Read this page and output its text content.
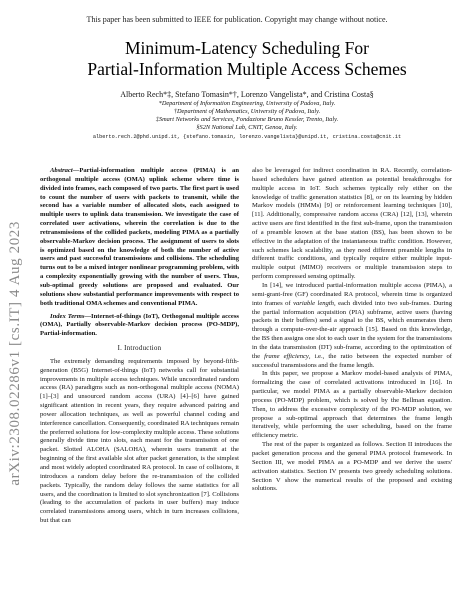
This paper has been submitted to IEEE for publication. Copyright may change without notice.
arXiv:2308.02286v1 [cs.IT] 4 Aug 2023
Minimum-Latency Scheduling For
Partial-Information Multiple Access Schemes
Alberto Rech*‡, Stefano Tomasin*†, Lorenzo Vangelista*, and Cristina Costa§
*Department of Information Engineering, University of Padova, Italy.
†Department of Mathematics, University of Padova, Italy.
‡Smart Networks and Services, Fondazione Bruno Kessler, Trento, Italy.
§S2N National Lab, CNIT, Genoa, Italy.
alberto.rech.2@phd.unipd.it, {stefano.tomasin, lorenzo.vangelista}@unipd.it, cristina.costa@cnit.it

Abstract—Partial-information multiple access (PIMA) is an orthogonal multiple access (OMA) uplink scheme where time is divided into frames, each composed of two parts. The first part is used to count the number of users with packets to transmit, while the second has a variable number of allocated slots, each assigned to multiple users to uplink data transmission. We investigate the case of correlated user activations, wherein the correlation is due to the retransmissions of the collided packets, modeling PIMA as a partially observable-Markov decision process. The assignment of users to slots is optimized based on the knowledge of both the number of active users and past successful transmissions and collisions. The scheduling turns out to be a mixed integer nonlinear programming problem, with a complexity exponentially growing with the number of users. Thus, sub-optimal greedy solutions are proposed and evaluated. Our solutions show substantial performance improvements with respect to both traditional OMA schemes and conventional PIMA.

Index Terms—Internet-of-things (IoT), Orthogonal multiple access (OMA), Partially observable-Markov decision process (PO-MDP), Partial-information.

I. Introduction

The extremely demanding requirements imposed by beyond-fifth-generation (B5G) Internet-of-things (IoT) networks call for substantial improvements in multiple access techniques. While uncoordinated random access (RA) paradigms such as non-orthogonal multiple access (NOMA) [1]–[3] and unsourced random access (URA) [4]–[6] have gained significant attention in recent years, they require advanced pairing and power allocation techniques, as well as powerful channel coding and interference cancellation. Consequently, coordinated RA techniques remain the preferred solutions for low-complexity multiple access. These solutions generally divide time into slots, each meant for the transmission of one packet. Slotted ALOHA (SALOHA), wherein users transmit at the beginning of the first available slot after packet generation, is the simplest and most widely adopted coordinated RA protocol. In case of collisions, it introduces a random delay before the re-transmission of the collided packets. Typically, the random delay follows the same statistics for all users, and the coordination is limited to slot synchronization [7]. Collisions (leading to the accumulation of packets in user buffers) may induce correlated transmissions among users, which in turn increases collisions, but that can

also be leveraged for indirect coordination in RA. Recently, correlation-based schedulers have gained attention as potential breakthroughs for multiple access in IoT. Such schemes typically rely either on the knowledge of traffic generation statistics [8], or on its learning by hidden Markov models (HMMs) [9] or reinforcement learning techniques [10], [11]. Additionally, compressive random access (CRA) [12], [13], wherein active users are first identified in the first sub-frame, upon the transmission of a preamble known at the base station (BS), has been shown to be effective in the adaptation of the instantaneous traffic condition. However, such schemes lack scalability, as they need different preamble lengths in different traffic conditions, and typically require either multiple input-multiple output (MIMO) receivers or multiple transmission steps to perform compressed sensing optimally.

In [14], we introduced partial-information multiple access (PIMA), a semi-grant-free (GF) coordinated RA protocol, wherein time is organized into frames of variable length, each divided into two sub-frames. During the partial information acquisition (PIA) subframe, active users (having packets in their buffers) send a signal to the BS, which enumerates them through a compute-over-the-air approach [15]. Based on this knowledge, the BS then assigns one slot to each user in the system for the transmissions in the data transmission (DT) sub-frame, according to the optimization of the frame efficiency, i.e., the ratio between the expected number of successful transmissions and the frame length.

In this paper, we propose a Markov model-based analysis of PIMA, formalizing the case of correlated activations introduced in [16]. In particular, we model PIMA as a partially observable-Markov decision process (PO-MDP) problem, which is solved by the Bellman equation. Then, to address the excessive complexity of the PO-MDP solution, we propose a sub-optimal approach that determines the frame length iteratively, while performing the user scheduling, based on the frame efficiency metric.

The rest of the paper is organized as follows. Section II introduces the packet generation process and the general PIMA protocol framework. In Section III, we model PIMA as a PO-MDP and we derive the users' activation statistics. Section IV presents two greedy scheduling solutions. Section V show the numerical results of the proposed and existing solutions.
